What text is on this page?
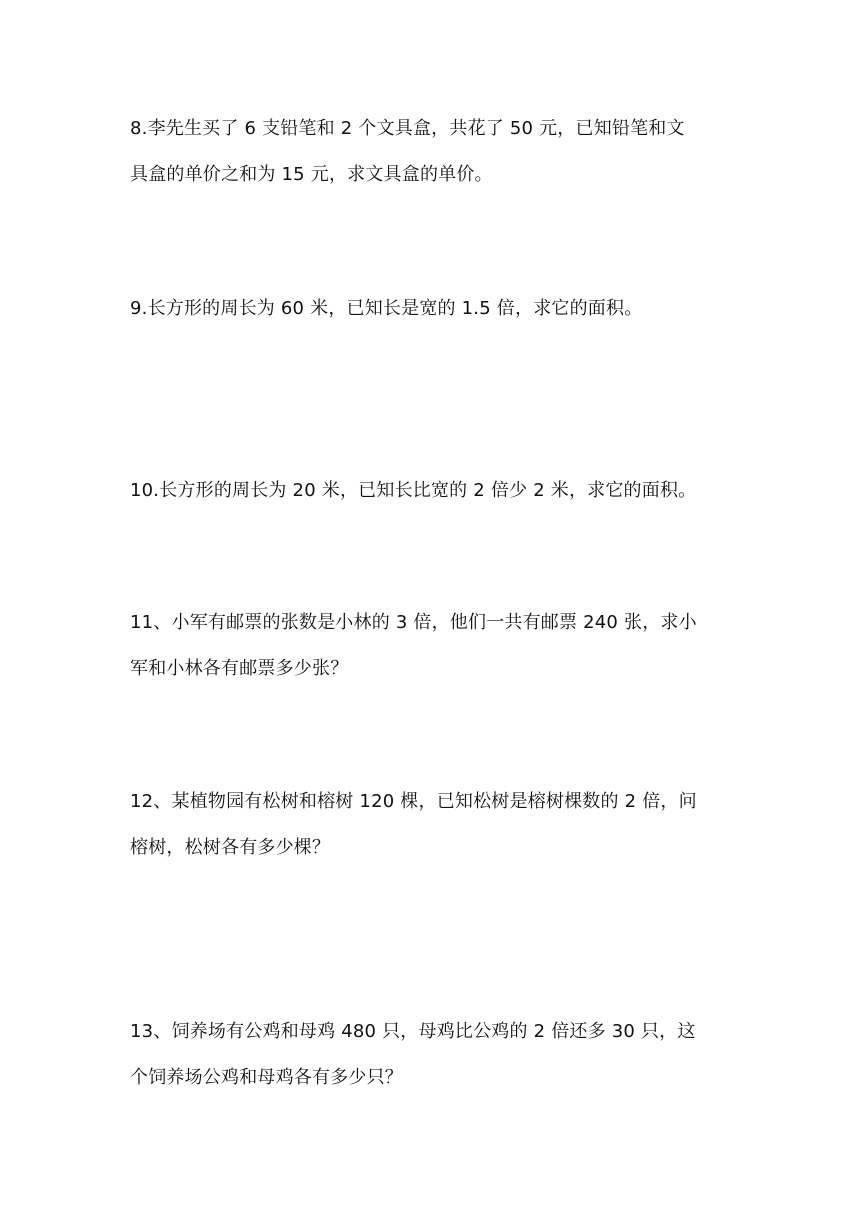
8.李先生买了 6 支铅笔和 2 个文具盒，共花了 50 元，已知铅笔和文
具盒的单价之和为 15 元，求文具盒的单价。
9.长方形的周长为 60 米，已知长是宽的 1.5 倍，求它的面积。
10.长方形的周长为 20 米，已知长比宽的 2 倍少 2 米，求它的面积。
11、小军有邮票的张数是小林的 3 倍，他们一共有邮票 240 张，求小
军和小林各有邮票多少张？
12、某植物园有松树和榕树 120 棵，已知松树是榕树棵数的 2 倍，问
榕树，松树各有多少棵？
13、饲养场有公鸡和母鸡 480 只，母鸡比公鸡的 2 倍还多 30 只，这
个饲养场公鸡和母鸡各有多少只？
